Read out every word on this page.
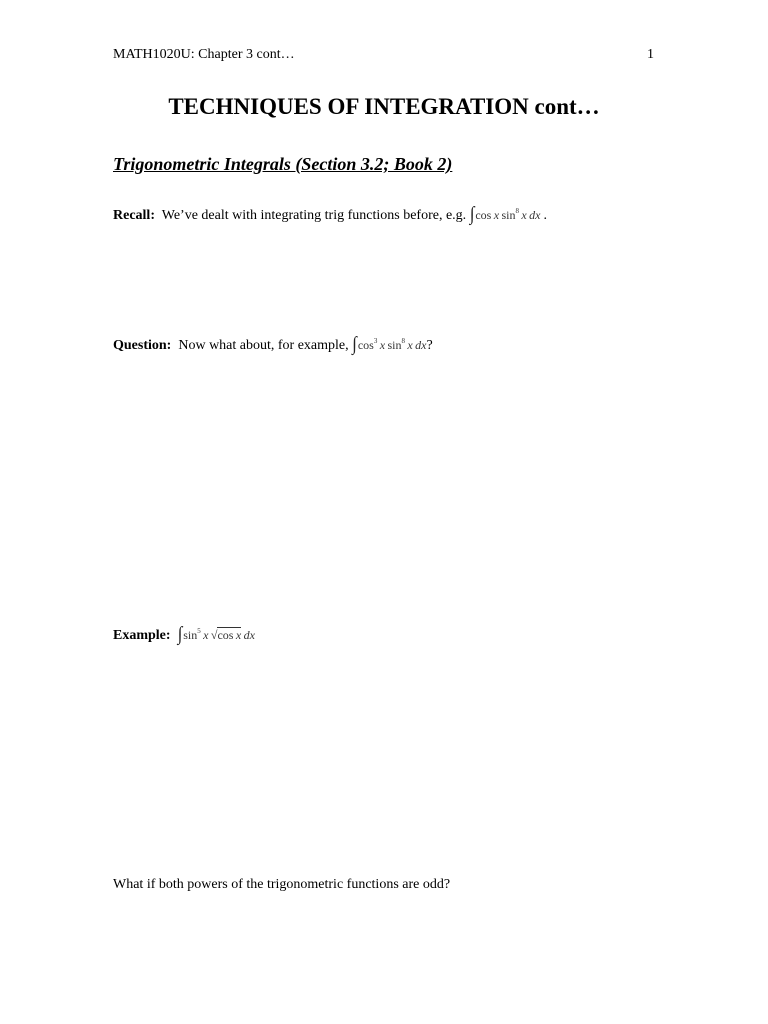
MATH1020U: Chapter 3 cont…	1
TECHNIQUES OF INTEGRATION cont…
Trigonometric Integrals (Section 3.2; Book 2)
Recall: We’ve dealt with integrating trig functions before, e.g. ∫cos  x  $\sin^8 x$  dx .
Question: Now what about, for example, $\int\cos^3$  x  $\sin^8 x$  dx?
Example: $\int\sin^5$  x  √cos  x  dx
What if both powers of the trigonometric functions are odd?
